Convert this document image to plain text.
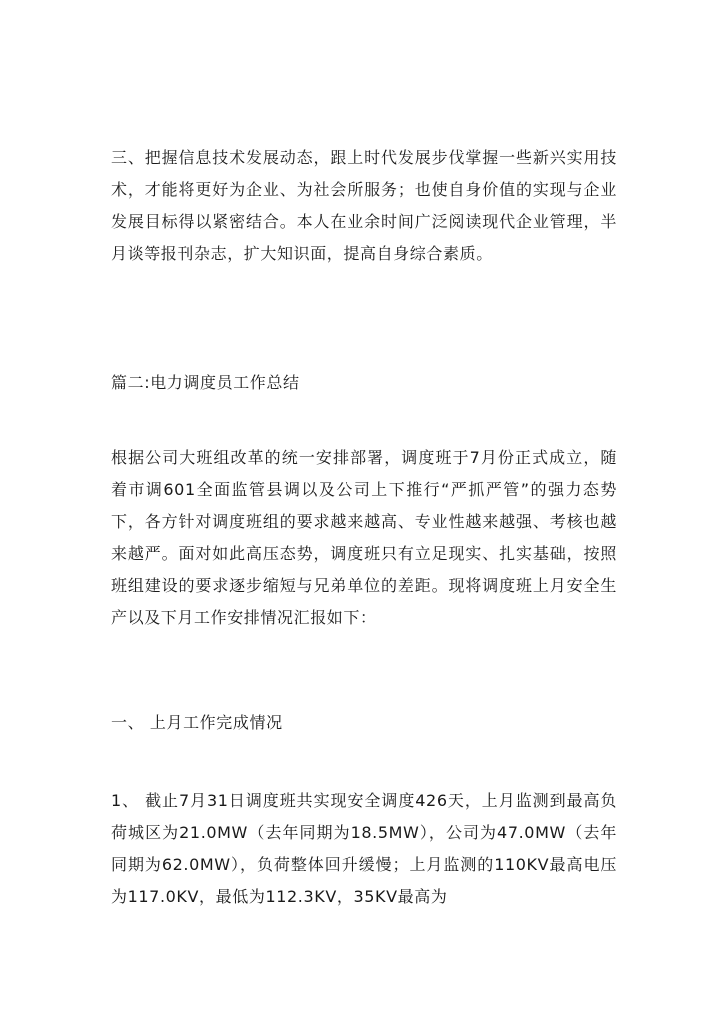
三、把握信息技术发展动态，跟上时代发展步伐掌握一些新兴实用技术，才能将更好为企业、为社会所服务；也使自身价值的实现与企业发展目标得以紧密结合。本人在业余时间广泛阅读现代企业管理，半月谈等报刊杂志，扩大知识面，提高自身综合素质。

篇二:电力调度员工作总结

根据公司大班组改革的统一安排部署，调度班于7月份正式成立，随着市调601全面监管县调以及公司上下推行“严抓严管”的强力态势下，各方针对调度班组的要求越来越高、专业性越来越强、考核也越来越严。面对如此高压态势，调度班只有立足现实、扎实基础，按照班组建设的要求逐步缩短与兄弟单位的差距。现将调度班上月安全生产以及下月工作安排情况汇报如下：

一、 上月工作完成情况

1、 截止7月31日调度班共实现安全调度426天，上月监测到最高负荷城区为21.0MW（去年同期为18.5MW），公司为47.0MW（去年同期为62.0MW），负荷整体回升缓慢；上月监测的110KV最高电压为117.0KV，最低为112.3KV，35KV最高为
